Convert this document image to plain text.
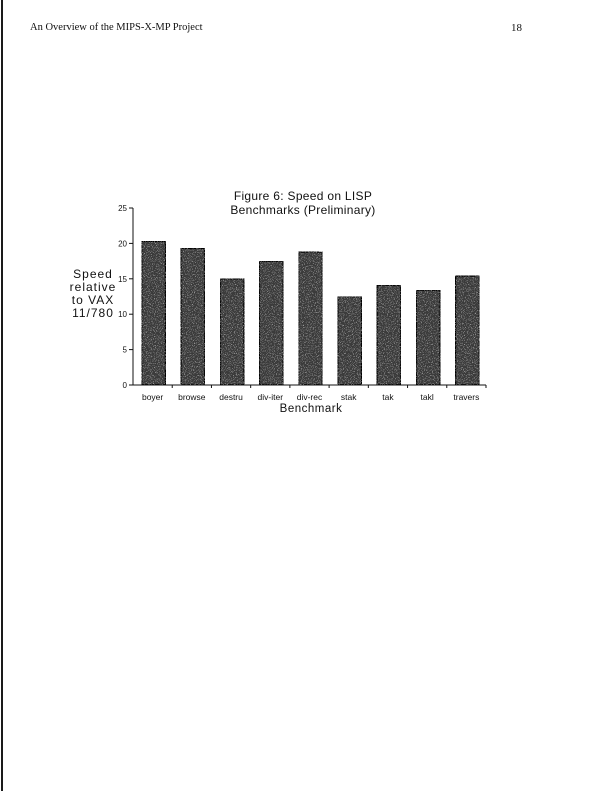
An Overview of the MIPS-X-MP Project	18
Figure 6: Speed on LISP
Benchmarks (Preliminary)
Speed
relative
to VAX
11/780
0
5
10
15
20
25
boyer browse destru div-iter div-rec stak	tak	takl travers
Benchmark
